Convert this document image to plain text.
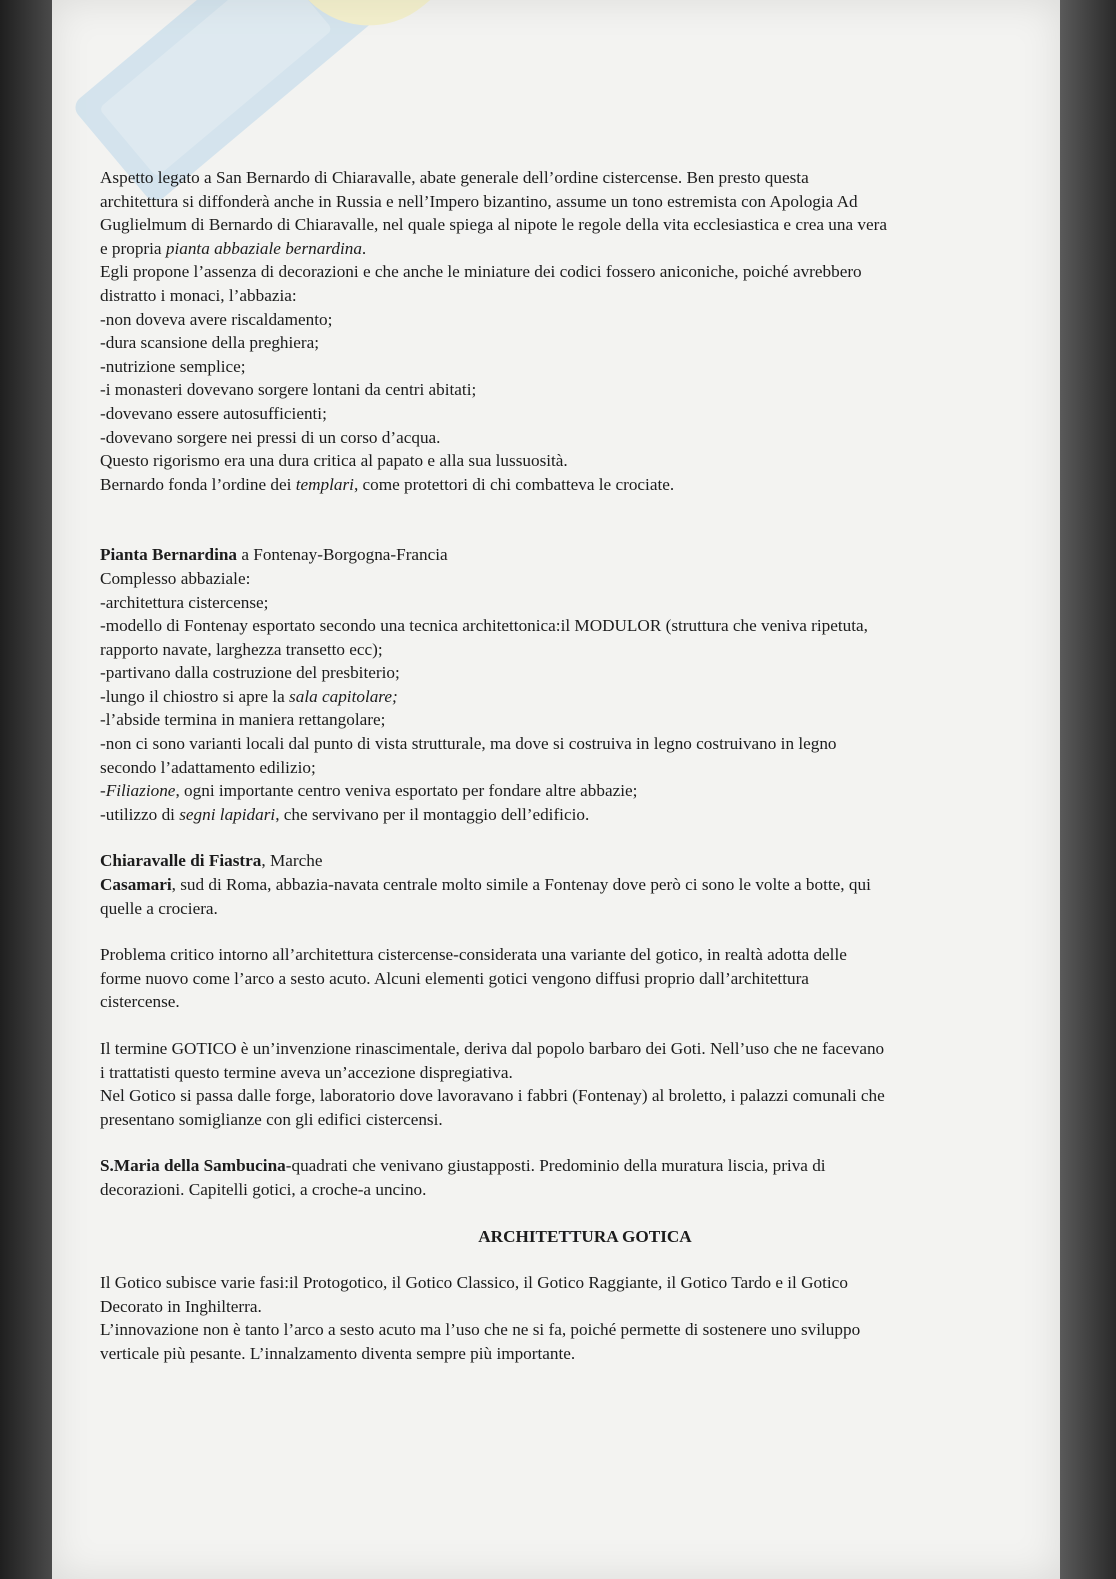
Aspetto legato a San Bernardo di Chiaravalle, abate generale dell’ordine cistercense. Ben presto questa

architettura si diffonderà anche in Russia e nell’Impero bizantino, assume un tono estremista con Apologia Ad

Guglielmum di Bernardo di Chiaravalle, nel quale spiega al nipote le regole della vita ecclesiastica e crea una vera

e propria pianta abbaziale bernardina.

Egli propone l’assenza di decorazioni e che anche le miniature dei codici fossero aniconiche, poiché avrebbero

distratto i monaci, l’abbazia:

-non doveva avere riscaldamento;

-dura scansione della preghiera;

-nutrizione semplice;

-i monasteri dovevano sorgere lontani da centri abitati;

-dovevano essere autosufficienti;

-dovevano sorgere nei pressi di un corso d’acqua.

Questo rigorismo era una dura critica al papato e alla sua lussuosità.

Bernardo fonda l’ordine dei templari, come protettori di chi combatteva le crociate.

Pianta Bernardina a Fontenay-Borgogna-Francia

Complesso abbaziale:

-architettura cistercense;

-modello di Fontenay esportato secondo una tecnica architettonica:il MODULOR (struttura che veniva ripetuta,

rapporto navate, larghezza transetto ecc);

-partivano dalla costruzione del presbiterio;

-lungo il chiostro si apre la sala capitolare;

-l’abside termina in maniera rettangolare;

-non ci sono varianti locali dal punto di vista strutturale, ma dove si costruiva in legno costruivano in legno

secondo l’adattamento edilizio;

-Filiazione, ogni importante centro veniva esportato per fondare altre abbazie;

-utilizzo di segni lapidari, che servivano per il montaggio dell’edificio.

Chiaravalle di Fiastra, Marche

Casamari, sud di Roma, abbazia-navata centrale molto simile a Fontenay dove però ci sono le volte a botte, qui

quelle a crociera.

Problema critico intorno all’architettura cistercense-considerata una variante del gotico, in realtà adotta delle

forme nuovo come l’arco a sesto acuto. Alcuni elementi gotici vengono diffusi proprio dall’architettura

cistercense.

Il termine GOTICO è un’invenzione rinascimentale, deriva dal popolo barbaro dei Goti. Nell’uso che ne facevano

i trattatisti questo termine aveva un’accezione dispregiativa.

Nel Gotico si passa dalle forge, laboratorio dove lavoravano i fabbri (Fontenay) al broletto, i palazzi comunali che

presentano somiglianze con gli edifici cistercensi.

S.Maria della Sambucina-quadrati che venivano giustapposti. Predominio della muratura liscia, priva di

decorazioni. Capitelli gotici, a croche-a uncino.

ARCHITETTURA GOTICA

Il Gotico subisce varie fasi:il Protogotico, il Gotico Classico, il Gotico Raggiante, il Gotico Tardo e il Gotico

Decorato in Inghilterra.

L’innovazione non è tanto l’arco a sesto acuto ma l’uso che ne si fa, poiché permette di sostenere uno sviluppo

verticale più pesante. L’innalzamento diventa sempre più importante.
